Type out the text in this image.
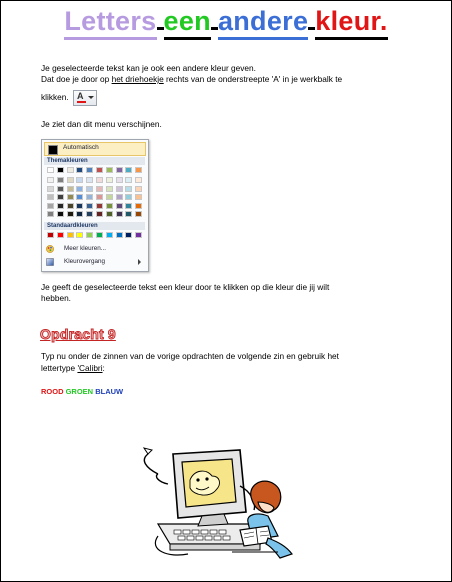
Letters een andere kleur.
Je geselecteerde tekst kan je ook een andere kleur geven.
Dat doe je door op het driehoekje rechts van de onderstreepte 'A' in je werkbalk te
klikken. A
Je ziet dan dit menu verschijnen.
Automatisch
Themakleuren
Standaardkleuren
Meer kleuren...
Kleurovergang
Je geeft de geselecteerde tekst een kleur door te klikken op die kleur die jij wilt
hebben.
Opdracht 9
Typ nu onder de zinnen van de vorige opdrachten de volgende zin en gebruik het
lettertype 'Calibri:
ROOD GROEN BLAUW
